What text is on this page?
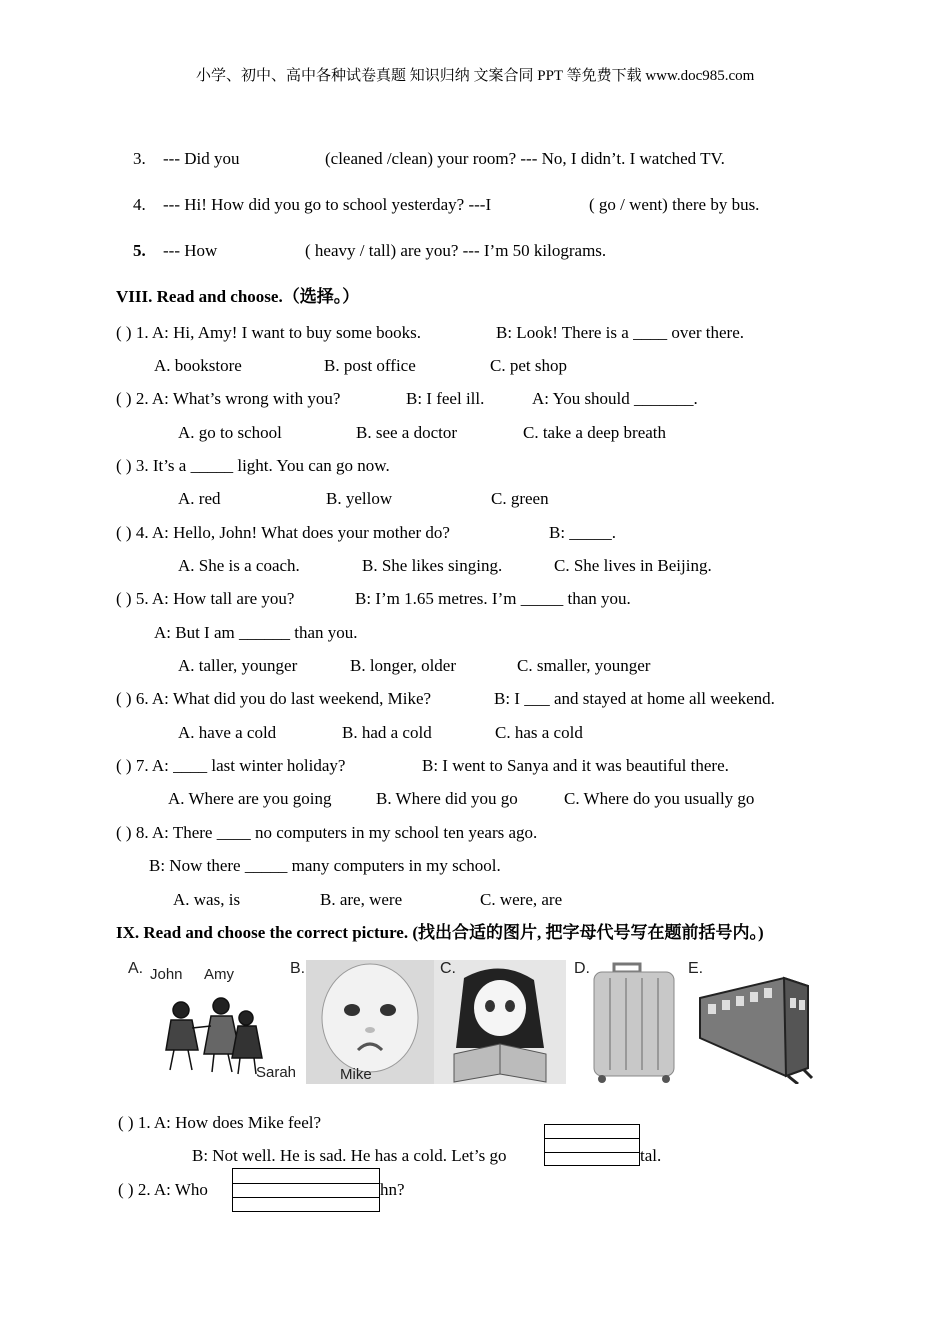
小学、初中、高中各种试卷真题 知识归纳 文案合同 PPT 等免费下载 www.doc985.com
3. --- Did you	(cleaned /clean) your room? --- No, I didn’t. I watched TV.
4. --- Hi! How did you go to school yesterday? ---I	( go / went) there by bus.
5. --- How	( heavy / tall) are you? --- I’m 50 kilograms.
VIII. Read and choose.（选择。）
( ) 1. A: Hi, Amy! I want to buy some books.	B: Look! There is a ____ over there.
A. bookstore	B. post office	C. pet shop
( ) 2. A: What’s wrong with you?	B: I feel ill.	A: You should _______.
A. go to school	B. see a doctor	C. take a deep breath
( ) 3. It’s a _____ light. You can go now.
A. red	B. yellow	C. green
( ) 4. A: Hello, John! What does your mother do?	B: _____.
A. She is a coach.	B. She likes singing.	C. She lives in Beijing.
( ) 5. A: How tall are you?	B: I’m 1.65 metres. I’m _____ than you.
A: But I am ______ than you.
A. taller, younger	B. longer, older	C. smaller, younger
( ) 6. A: What did you do last weekend, Mike?	B: I ___ and stayed at home all weekend.
A. have a cold	B. had a cold	C. has a cold
( ) 7. A: ____ last winter holiday?	B: I went to Sanya and it was beautiful there.
A. Where are you going	B. Where did you go	C. Where do you usually go
( ) 8. A: There ____ no computers in my school ten years ago.
B: Now there _____ many computers in my school.
A. was, is	B. are, were	C. were, are
IX. Read and choose the correct picture. (找出合适的图片, 把字母代号写在题前括号内。)
A. John Amy
Sarah
B.
Mike
C.	D.	E.
( ) 1. A: How does Mike feel?
B: Not well. He is sad. He has a cold. Let’s go	tal.
( ) 2. A: Who	hn?
